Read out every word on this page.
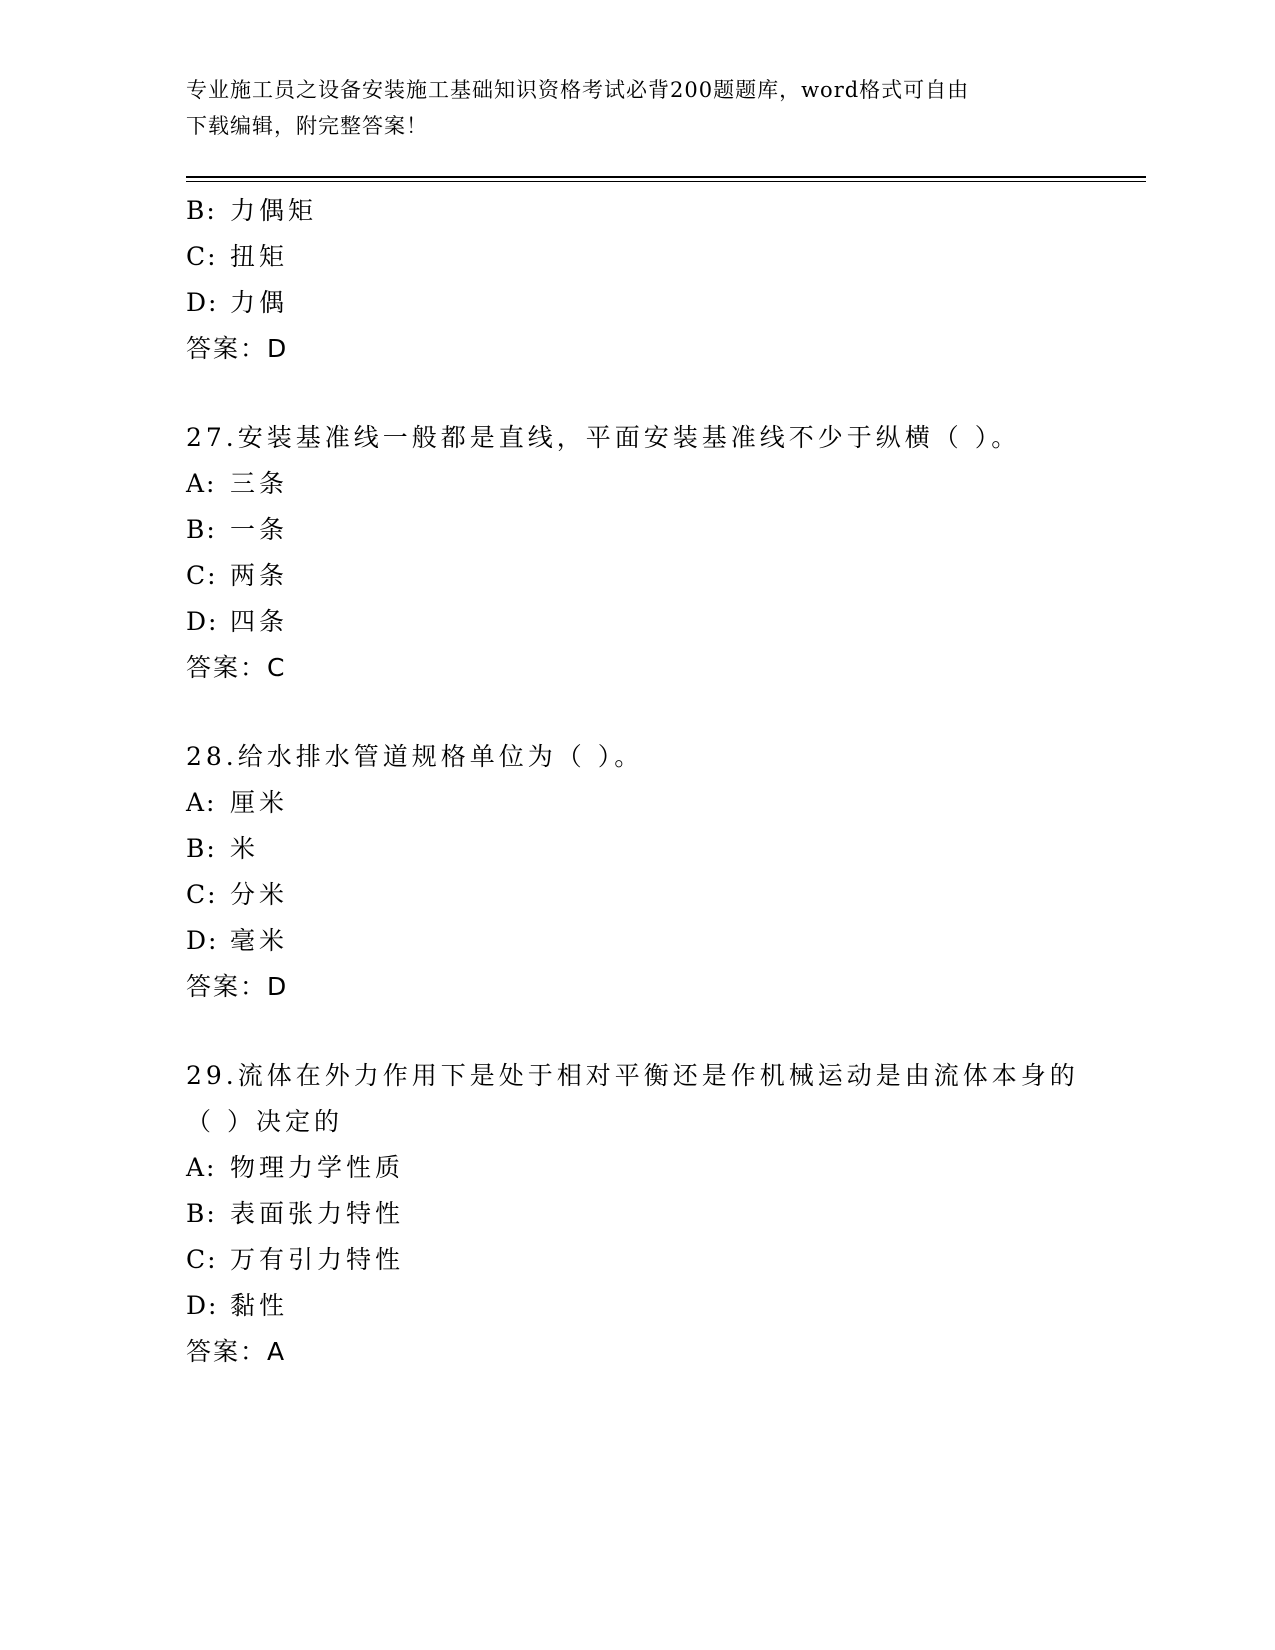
专业施工员之设备安装施工基础知识资格考试必背200题题库，word格式可自由
下载编辑，附完整答案！
B: 力偶矩
C: 扭矩
D: 力偶
答案：D
27.安装基准线一般都是直线，平面安装基准线不少于纵横（ ）。
A: 三条
B: 一条
C: 两条
D: 四条
答案：C
28.给水排水管道规格单位为（ ）。
A: 厘米
B: 米
C: 分米
D: 毫米
答案：D
29.流体在外力作用下是处于相对平衡还是作机械运动是由流体本身的
（ ）决定的
A: 物理力学性质
B: 表面张力特性
C: 万有引力特性
D: 黏性
答案：A
